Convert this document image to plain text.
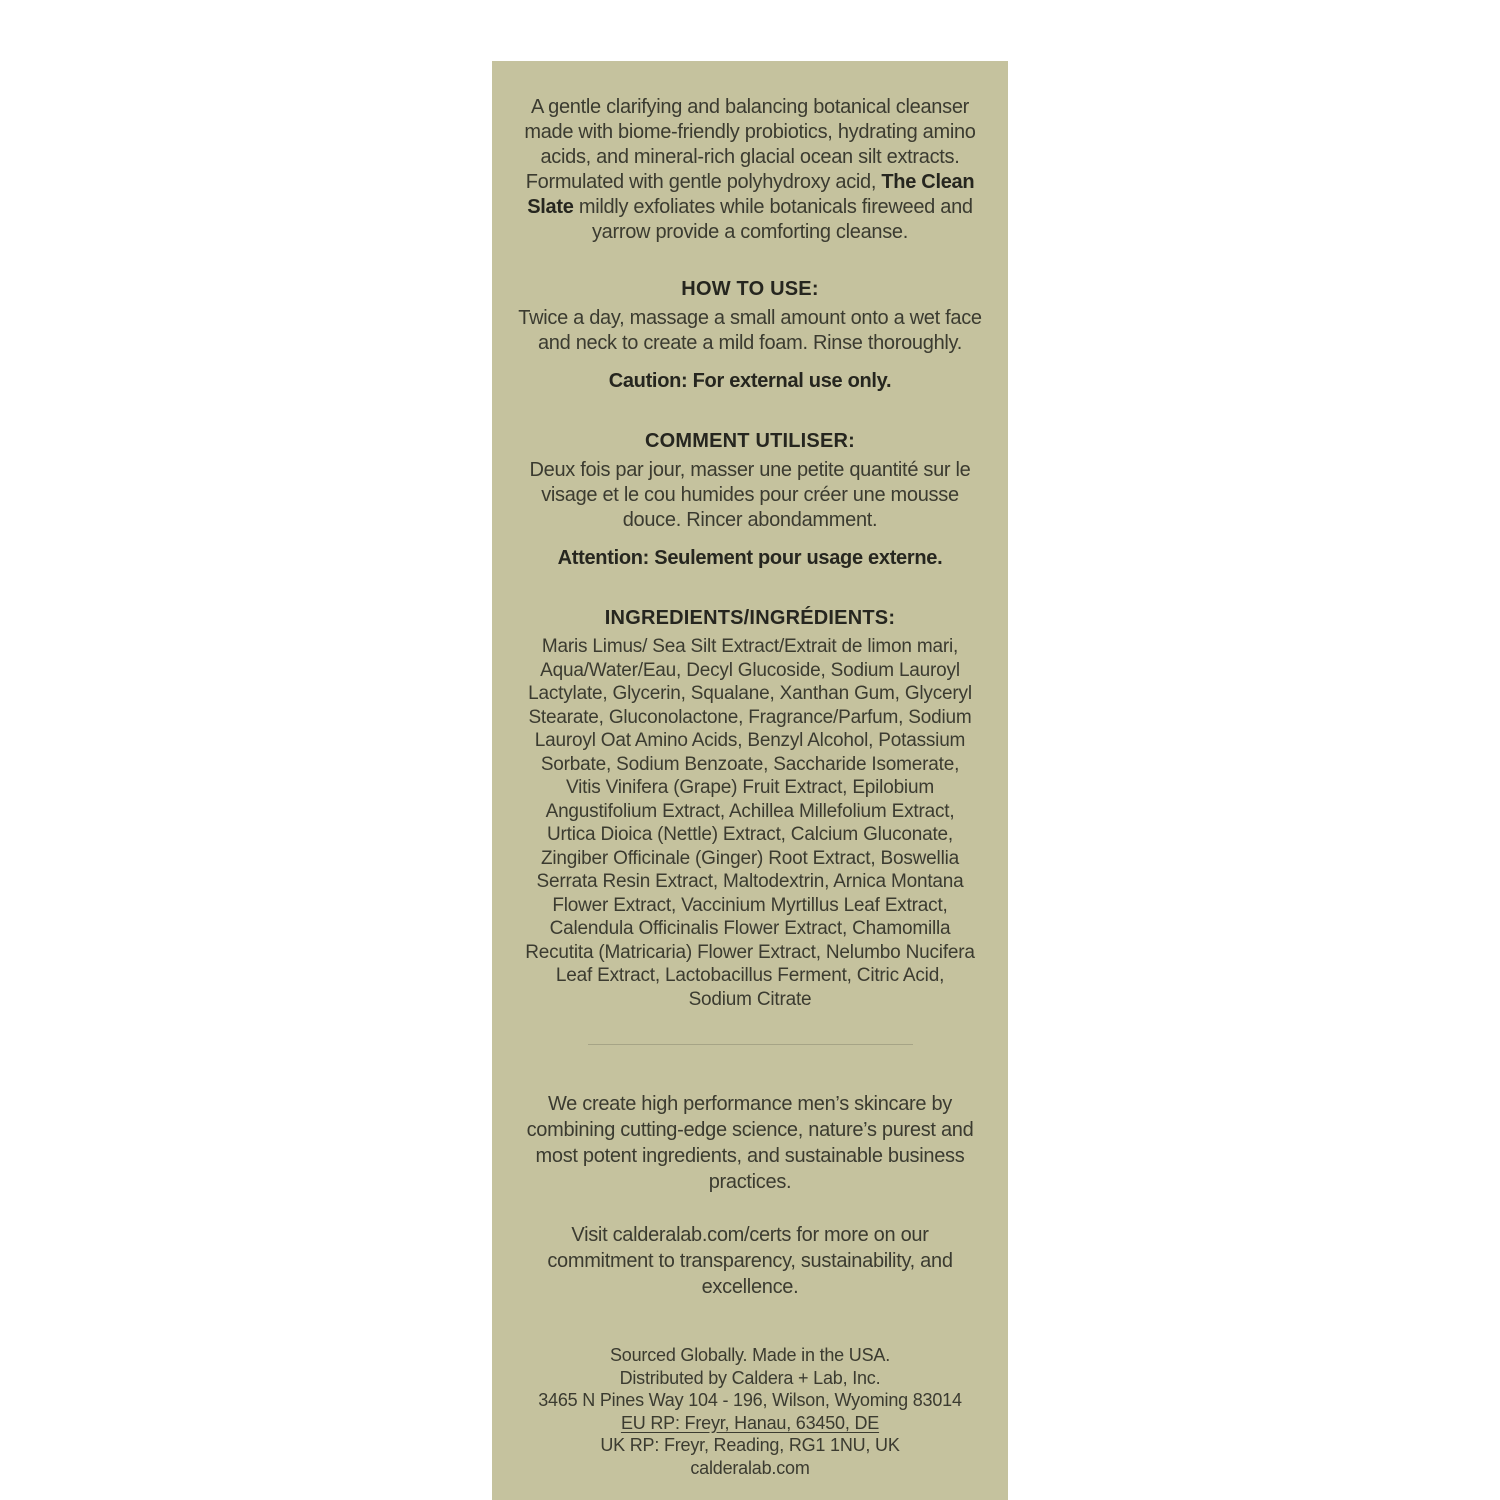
A gentle clarifying and balancing botanical cleanser made with biome-friendly probiotics, hydrating amino acids, and mineral-rich glacial ocean silt extracts. Formulated with gentle polyhydroxy acid, The Clean Slate mildly exfoliates while botanicals fireweed and yarrow provide a comforting cleanse.

HOW TO USE:

Twice a day, massage a small amount onto a wet face and neck to create a mild foam. Rinse thoroughly.

Caution: For external use only.

COMMENT UTILISER:

Deux fois par jour, masser une petite quantité sur le visage et le cou humides pour créer une mousse douce. Rincer abondamment.

Attention: Seulement pour usage externe.

INGREDIENTS/INGRÉDIENTS:

Maris Limus/ Sea Silt Extract/Extrait de limon mari, Aqua/Water/Eau, Decyl Glucoside, Sodium Lauroyl Lactylate, Glycerin, Squalane, Xanthan Gum, Glyceryl Stearate, Gluconolactone, Fragrance/Parfum, Sodium Lauroyl Oat Amino Acids, Benzyl Alcohol, Potassium Sorbate, Sodium Benzoate, Saccharide Isomerate, Vitis Vinifera (Grape) Fruit Extract, Epilobium Angustifolium Extract, Achillea Millefolium Extract, Urtica Dioica (Nettle) Extract, Calcium Gluconate, Zingiber Officinale (Ginger) Root Extract, Boswellia Serrata Resin Extract, Maltodextrin, Arnica Montana Flower Extract, Vaccinium Myrtillus Leaf Extract, Calendula Officinalis Flower Extract, Chamomilla Recutita (Matricaria) Flower Extract, Nelumbo Nucifera Leaf Extract, Lactobacillus Ferment, Citric Acid, Sodium Citrate

We create high performance men’s skincare by combining cutting-edge science, nature’s purest and most potent ingredients, and sustainable business practices.

Visit calderalab.com/certs for more on our commitment to transparency, sustainability, and excellence.

Sourced Globally. Made in the USA.

Distributed by Caldera + Lab, Inc.

3465 N Pines Way 104 - 196, Wilson, Wyoming 83014

EU RP: Freyr, Hanau, 63450, DE

UK RP: Freyr, Reading, RG1 1NU, UK

calderalab.com
